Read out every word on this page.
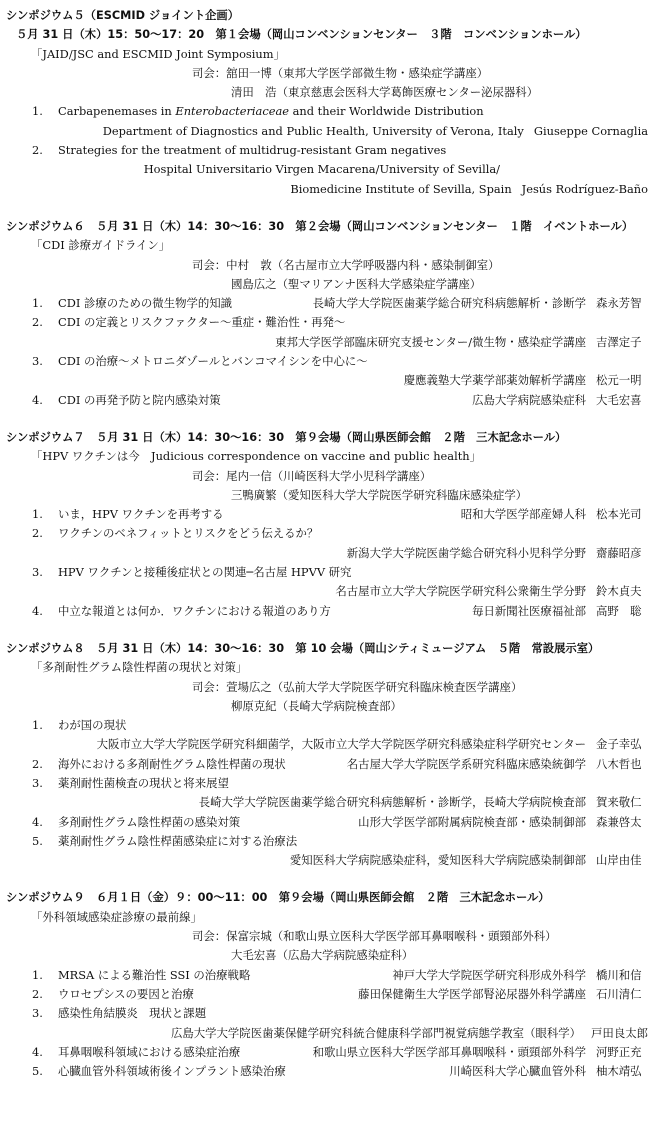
シンポジウム５（ESCMID ジョイント企画）
５月 31 日（木）15：50～17：20　第１会場（岡山コンベンションセンター　３階　コンベンションホール）
「JAID/JSC and ESCMID Joint Symposium」
司会：舘田一博（東邦大学医学部微生物・感染症学講座）
清田　浩（東京慈恵会医科大学葛飾医療センター泌尿器科）
1.	Carbapenemases in Enterobacteriaceae and their Worldwide Distribution
Department of Diagnostics and Public Health, University of Verona, Italy Giuseppe Cornaglia
2.	Strategies for the treatment of multidrug-resistant Gram negatives
Hospital Universitario Virgen Macarena/University of Sevilla/
Biomedicine Institute of Sevilla, Spain Jesús Rodríguez-Baño
シンポジウム６　５月 31 日（木）14：30～16：30　第２会場（岡山コンベンションセンター　１階　イベントホール）
「CDI 診療ガイドライン」
司会：中村　敦（名古屋市立大学呼吸器内科・感染制御室）
國島広之（聖マリアンナ医科大学感染症学講座）
1.	CDI 診療のための微生物学的知識	長崎大学大学院医歯薬学総合研究科病態解析・診断学 森永芳智
2.	CDI の定義とリスクファクター～重症・難治性・再発～
東邦大学医学部臨床研究支援センター/微生物・感染症学講座 吉澤定子
3.	CDI の治療～メトロニダゾールとバンコマイシンを中心に～
慶應義塾大学薬学部薬効解析学講座 松元一明
4.	CDI の再発予防と院内感染対策	広島大学病院感染症科 大毛宏喜
シンポジウム７　５月 31 日（木）14：30～16：30　第９会場（岡山県医師会館　２階　三木記念ホール）
「HPV ワクチンは今　Judicious correspondence on vaccine and public health」
司会：尾内一信（川崎医科大学小児科学講座）
三鴨廣繁（愛知医科大学大学院医学研究科臨床感染症学）
1.	いま，HPV ワクチンを再考する	昭和大学医学部産婦人科 松本光司
2.	ワクチンのベネフィットとリスクをどう伝えるか？
新潟大学大学院医歯学総合研究科小児科学分野 齋藤昭彦
3.	HPV ワクチンと接種後症状との関連─名古屋 HPVV 研究
名古屋市立大学大学院医学研究科公衆衛生学分野 鈴木貞夫
4.	中立な報道とは何か．ワクチンにおける報道のあり方	毎日新聞社医療福祉部 高野　聡
シンポジウム８　５月 31 日（木）14：30～16：30　第 10 会場（岡山シティミュージアム　５階　常設展示室）
「多剤耐性グラム陰性桿菌の現状と対策」
司会：萱場広之（弘前大学大学院医学研究科臨床検査医学講座）
柳原克紀（長崎大学病院検査部）
1.	わが国の現状
大阪市立大学大学院医学研究科細菌学，大阪市立大学大学院医学研究科感染症科学研究センター 金子幸弘
2.	海外における多剤耐性グラム陰性桿菌の現状	名古屋大学大学院医学系研究科臨床感染統御学 八木哲也
3.	薬剤耐性菌検査の現状と将来展望
長崎大学大学院医歯薬学総合研究科病態解析・診断学，長崎大学病院検査部 賀来敬仁
4.	多剤耐性グラム陰性桿菌の感染対策	山形大学医学部附属病院検査部・感染制御部 森兼啓太
5.	薬剤耐性グラム陰性桿菌感染症に対する治療法
愛知医科大学病院感染症科，愛知医科大学病院感染制御部 山岸由佳
シンポジウム９　６月１日（金）９：00～11：00　第９会場（岡山県医師会館　２階　三木記念ホール）
「外科領域感染症診療の最前線」
司会：保富宗城（和歌山県立医科大学医学部耳鼻咽喉科・頭頸部外科）
大毛宏喜（広島大学病院感染症科）
1.	MRSA による難治性 SSI の治療戦略	神戸大学大学院医学研究科形成外科学 橋川和信
2.	ウロセプシスの要因と治療	藤田保健衛生大学医学部腎泌尿器外科学講座 石川清仁
3.	感染性角結膜炎　現状と課題
広島大学大学院医歯薬保健学研究科統合健康科学部門視覚病態学教室（眼科学） 戸田良太郎
4.	耳鼻咽喉科領域における感染症治療	和歌山県立医科大学医学部耳鼻咽喉科・頭頸部外科学 河野正充
5.	心臓血管外科領域術後インプラント感染治療	川崎医科大学心臓血管外科 柚木靖弘
